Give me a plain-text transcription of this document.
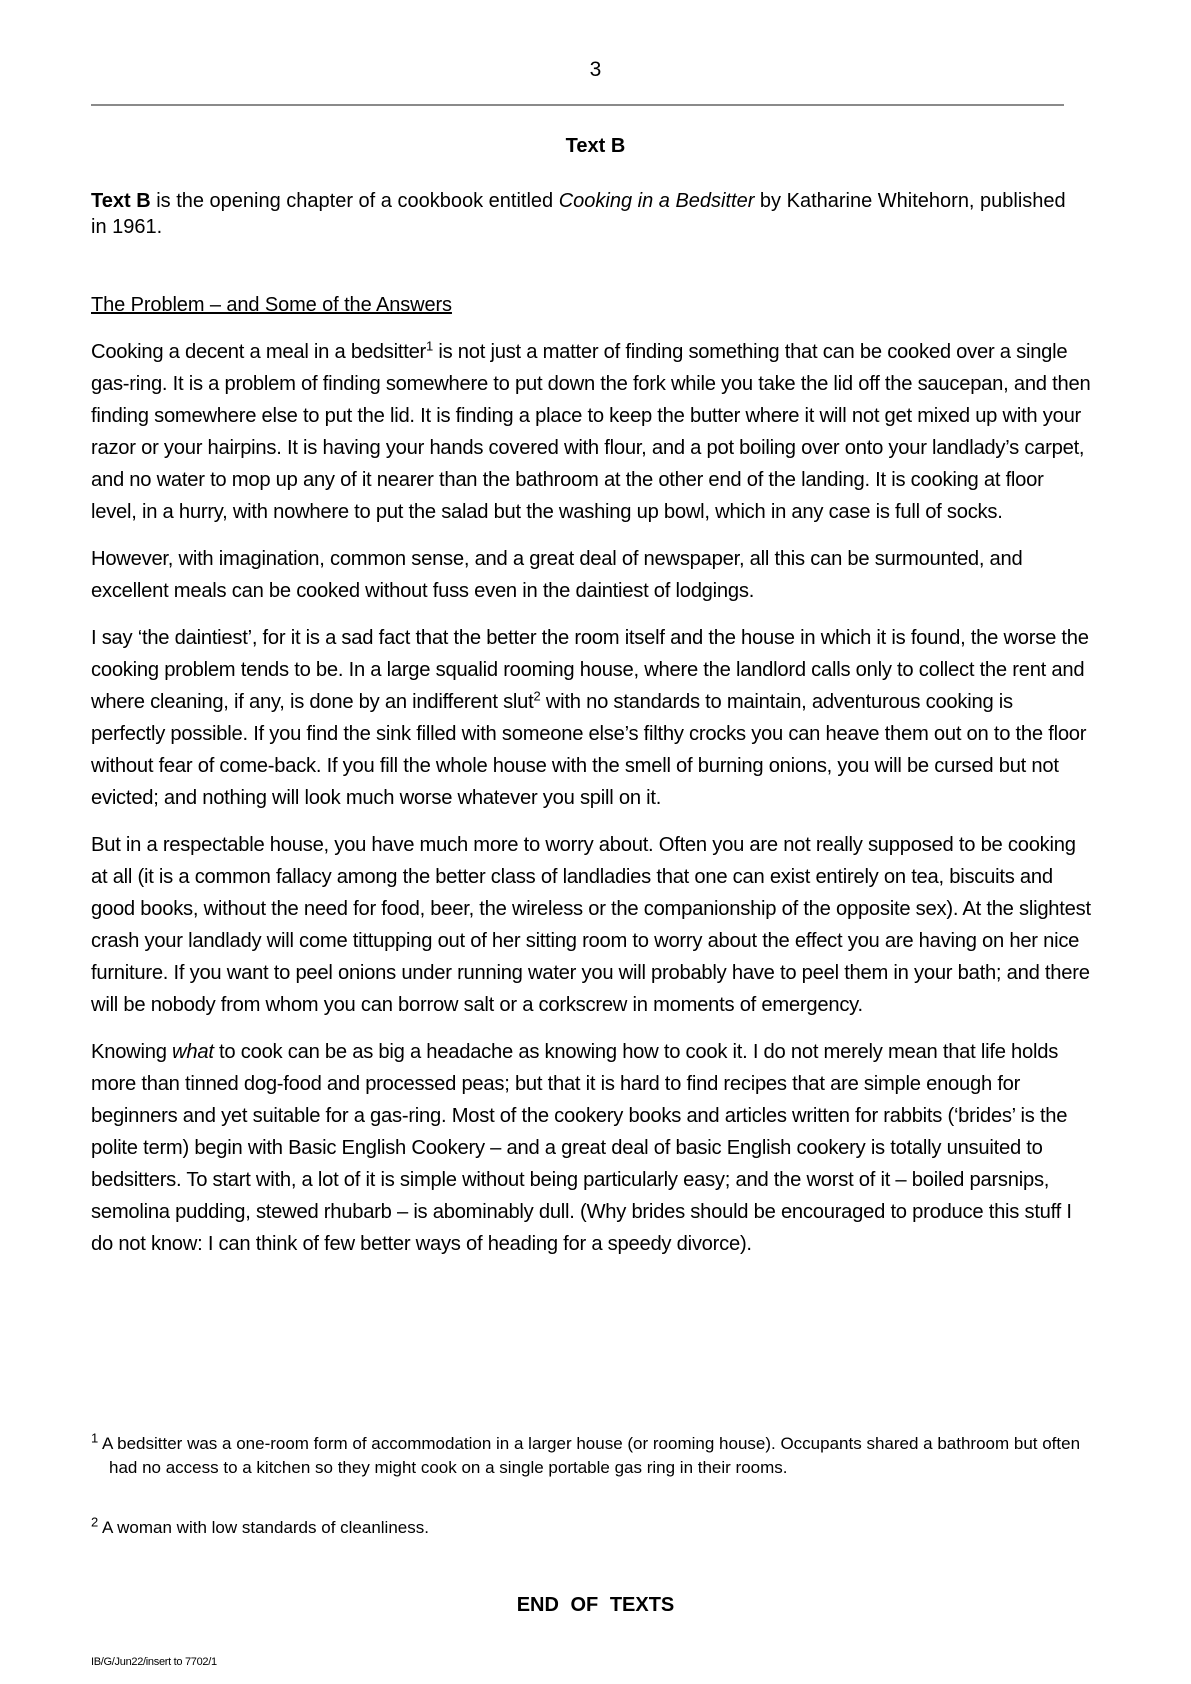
3
Text B
Text B is the opening chapter of a cookbook entitled Cooking in a Bedsitter by Katharine Whitehorn, published in 1961.
The Problem – and Some of the Answers

Cooking a decent a meal in a bedsitter$^1$ is not just a matter of finding something that can be cooked over a single gas-ring. It is a problem of finding somewhere to put down the fork while you take the lid off the saucepan, and then finding somewhere else to put the lid. It is finding a place to keep the butter where it will not get mixed up with your razor or your hairpins. It is having your hands covered with flour, and a pot boiling over onto your landlady’s carpet, and no water to mop up any of it nearer than the bathroom at the other end of the landing. It is cooking at floor level, in a hurry, with nowhere to put the salad but the washing up bowl, which in any case is full of socks.

However, with imagination, common sense, and a great deal of newspaper, all this can be surmounted, and excellent meals can be cooked without fuss even in the daintiest of lodgings.

I say ‘the daintiest’, for it is a sad fact that the better the room itself and the house in which it is found, the worse the cooking problem tends to be. In a large squalid rooming house, where the landlord calls only to collect the rent and where cleaning, if any, is done by an indifferent slut$^2$ with no standards to maintain, adventurous cooking is perfectly possible. If you find the sink filled with someone else’s filthy crocks you can heave them out on to the floor without fear of come-back. If you fill the whole house with the smell of burning onions, you will be cursed but not evicted; and nothing will look much worse whatever you spill on it.

But in a respectable house, you have much more to worry about. Often you are not really supposed to be cooking at all (it is a common fallacy among the better class of landladies that one can exist entirely on tea, biscuits and good books, without the need for food, beer, the wireless or the companionship of the opposite sex). At the slightest crash your landlady will come tittupping out of her sitting room to worry about the effect you are having on her nice furniture. If you want to peel onions under running water you will probably have to peel them in your bath; and there will be nobody from whom you can borrow salt or a corkscrew in moments of emergency.

Knowing what to cook can be as big a headache as knowing how to cook it. I do not merely mean that life holds more than tinned dog-food and processed peas; but that it is hard to find recipes that are simple enough for beginners and yet suitable for a gas-ring. Most of the cookery books and articles written for rabbits (‘brides’ is the polite term) begin with Basic English Cookery – and a great deal of basic English cookery is totally unsuited to bedsitters. To start with, a lot of it is simple without being particularly easy; and the worst of it – boiled parsnips, semolina pudding, stewed rhubarb – is abominably dull. (Why brides should be encouraged to produce this stuff I do not know: I can think of few better ways of heading for a speedy divorce).

$^1$ A bedsitter was a one-room form of accommodation in a larger house (or rooming house). Occupants shared a bathroom but often had no access to a kitchen so they might cook on a single portable gas ring in their rooms.
$^2$ A woman with low standards of cleanliness.
END OF TEXTS
IB/G/Jun22/insert to 7702/1
